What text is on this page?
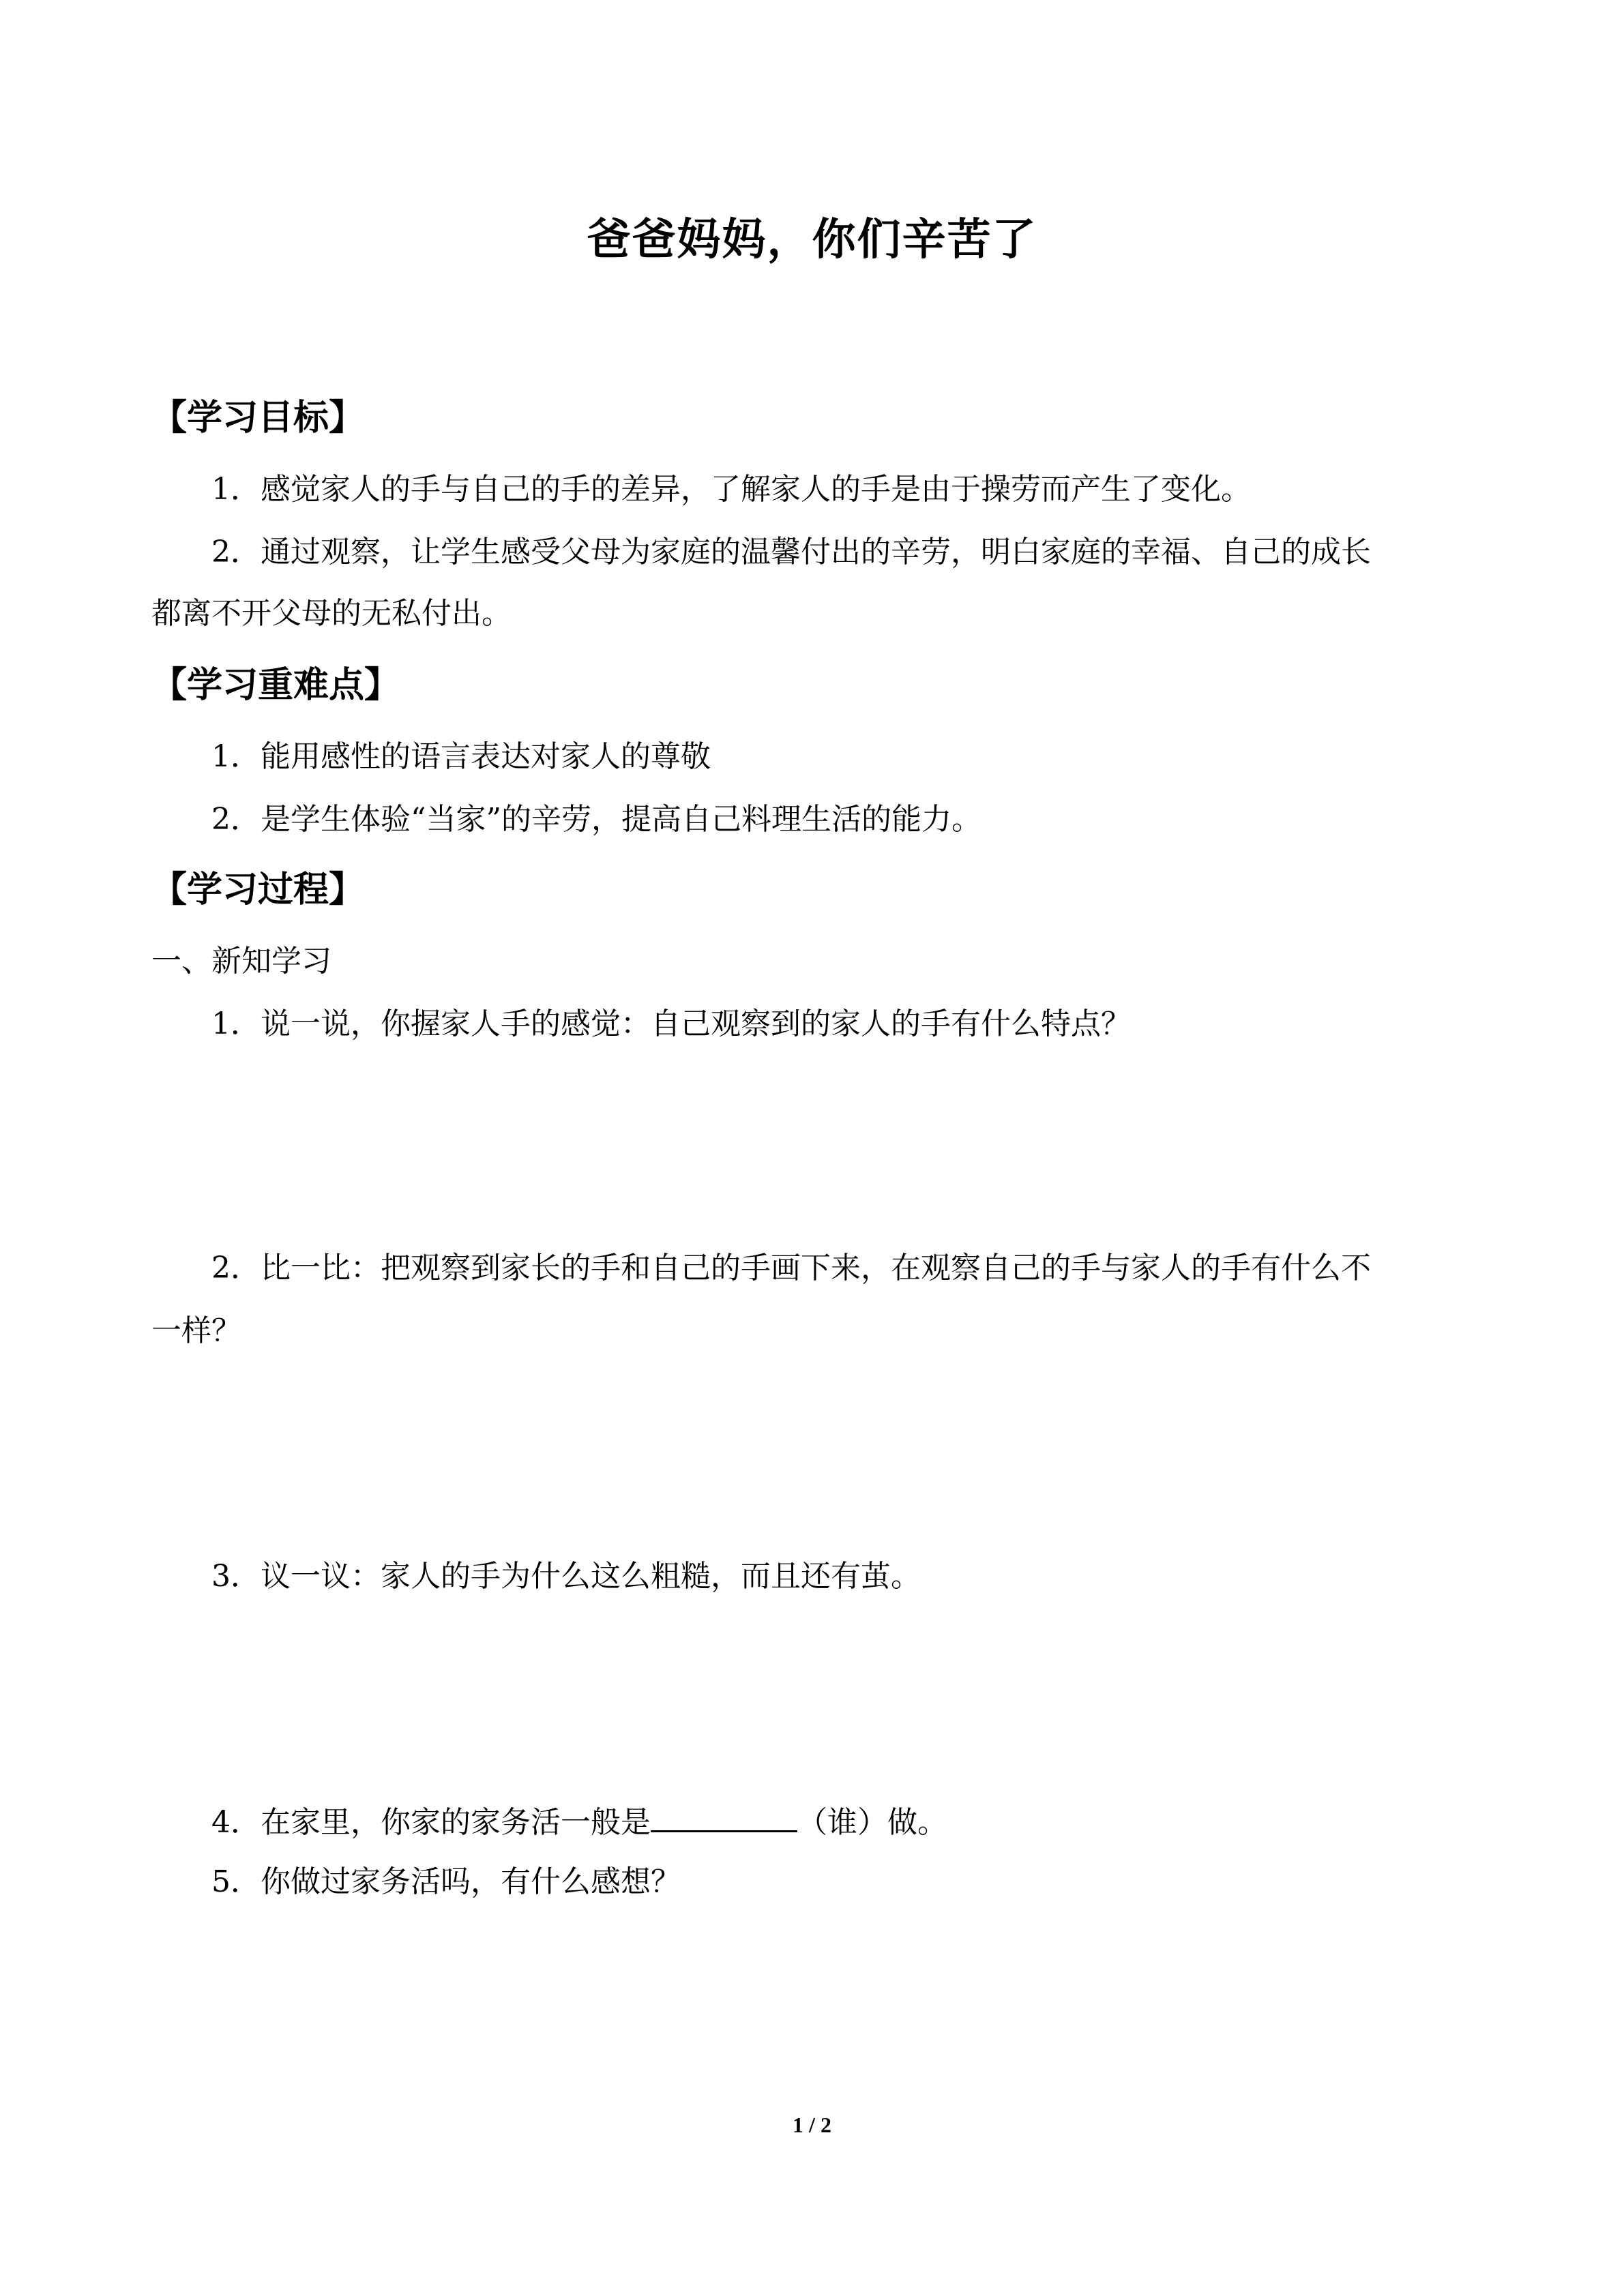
爸爸妈妈，你们辛苦了
【学习目标】
1．感觉家人的手与自己的手的差异，了解家人的手是由于操劳而产生了变化。
2．通过观察，让学生感受父母为家庭的温馨付出的辛劳，明白家庭的幸福、自己的成长
都离不开父母的无私付出。
【学习重难点】
1．能用感性的语言表达对家人的尊敬
2．是学生体验“当家”的辛劳，提高自己料理生活的能力。
【学习过程】
一、新知学习
1．说一说，你握家人手的感觉：自己观察到的家人的手有什么特点？
2．比一比：把观察到家长的手和自己的手画下来，在观察自己的手与家人的手有什么不
一样？
3．议一议：家人的手为什么这么粗糙，而且还有茧。
4．在家里，你家的家务活一般是	（谁）做。
5．你做过家务活吗，有什么感想？
1 / 2
